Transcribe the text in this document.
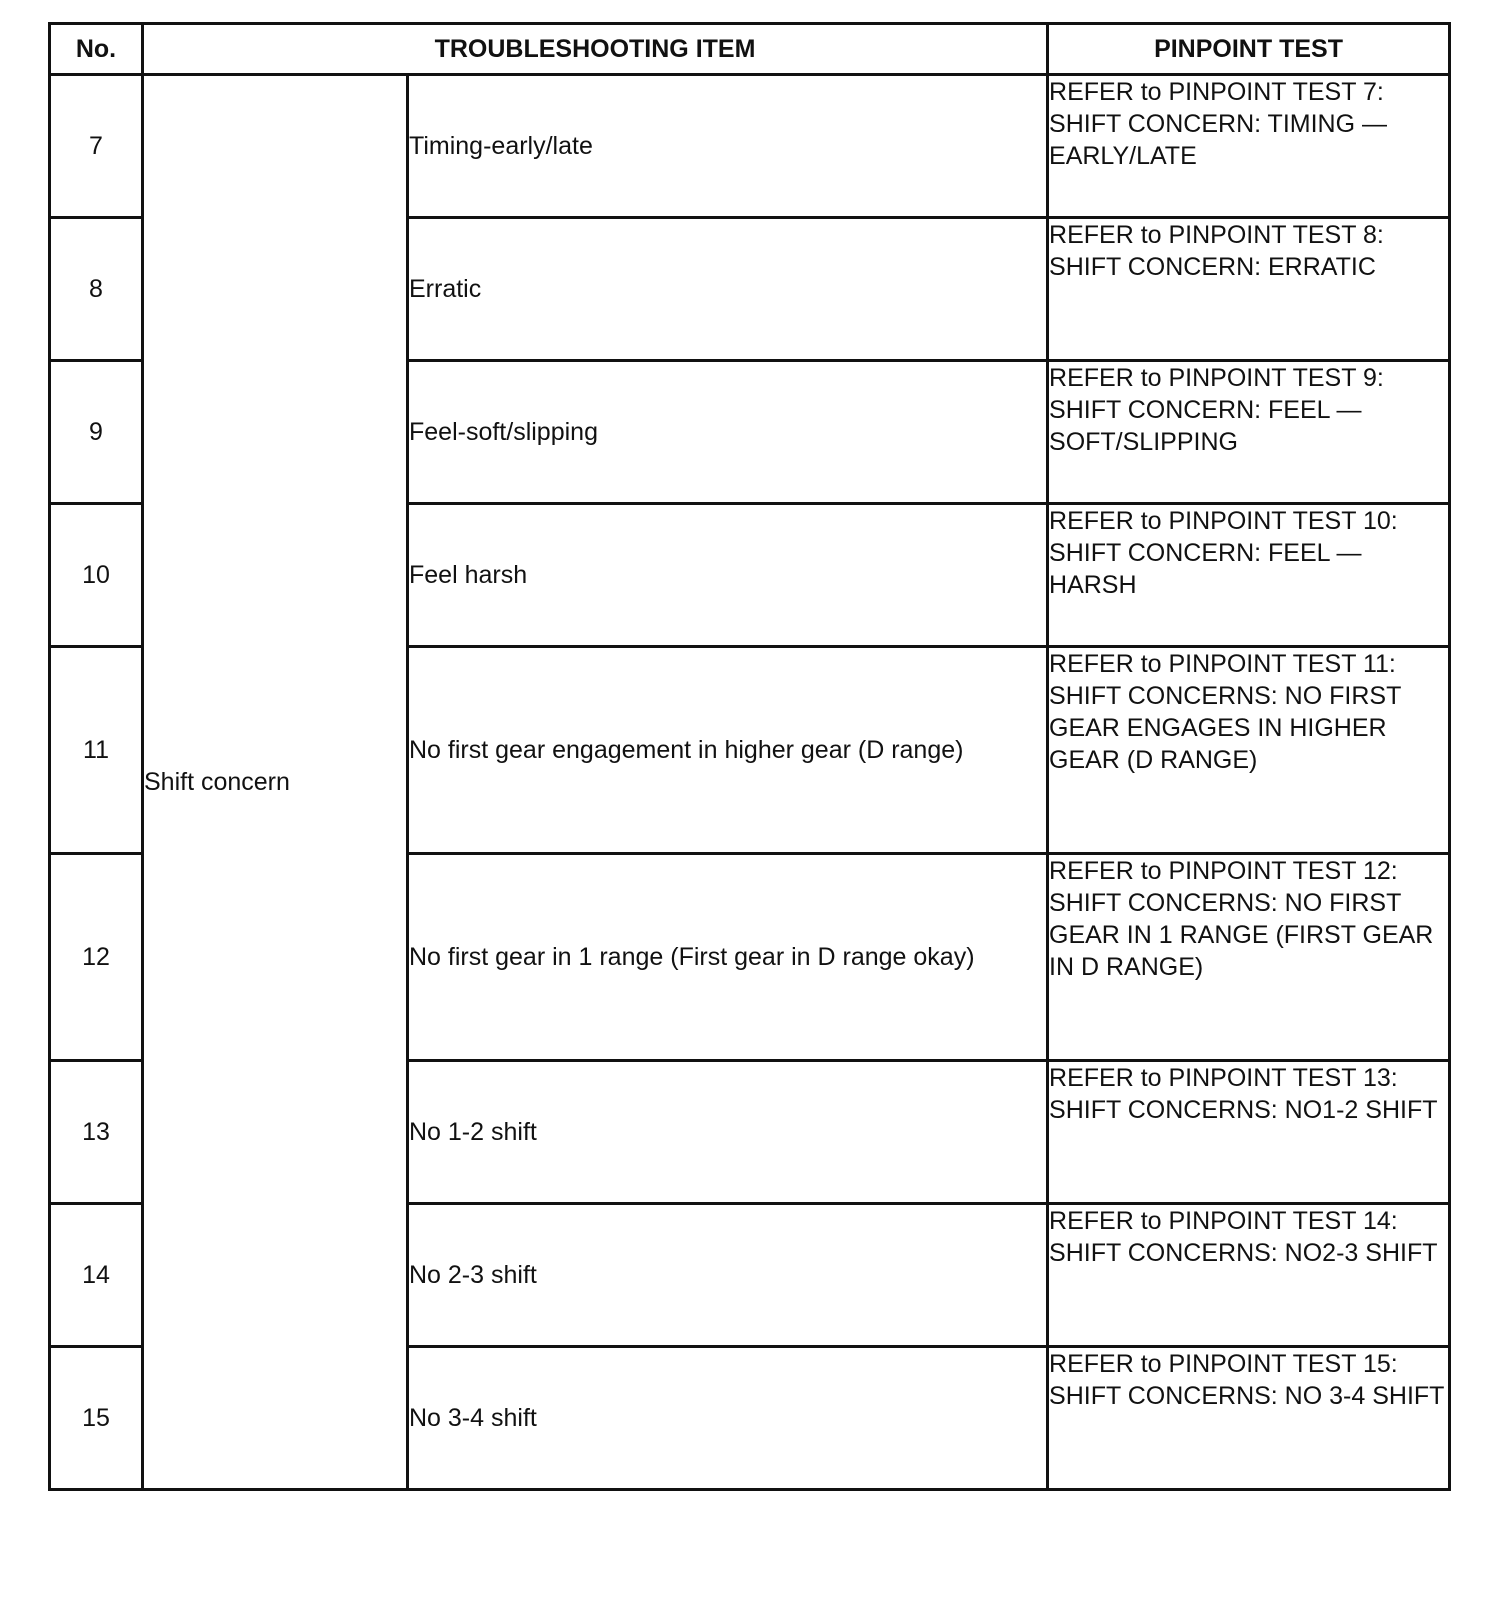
No.	TROUBLESHOOTING ITEM		PINPOINT TEST
7	Shift concern	Timing-early/late	REFER to PINPOINT TEST 7: SHIFT CONCERN: TIMING — EARLY/LATE
8		Erratic	REFER to PINPOINT TEST 8: SHIFT CONCERN: ERRATIC
9		Feel-soft/slipping	REFER to PINPOINT TEST 9: SHIFT CONCERN: FEEL — SOFT/SLIPPING
10		Feel harsh	REFER to PINPOINT TEST 10: SHIFT CONCERN: FEEL — HARSH
11		No first gear engagement in higher gear (D range)	REFER to PINPOINT TEST 11: SHIFT CONCERNS: NO FIRST GEAR ENGAGES IN HIGHER GEAR (D RANGE)
12		No first gear in 1 range (First gear in D range okay)	REFER to PINPOINT TEST 12: SHIFT CONCERNS: NO FIRST GEAR IN 1 RANGE (FIRST GEAR IN D RANGE)
13		No 1-2 shift	REFER to PINPOINT TEST 13: SHIFT CONCERNS: NO1-2 SHIFT
14		No 2-3 shift	REFER to PINPOINT TEST 14: SHIFT CONCERNS: NO2-3 SHIFT
15		No 3-4 shift	REFER to PINPOINT TEST 15: SHIFT CONCERNS: NO 3-4 SHIFT
